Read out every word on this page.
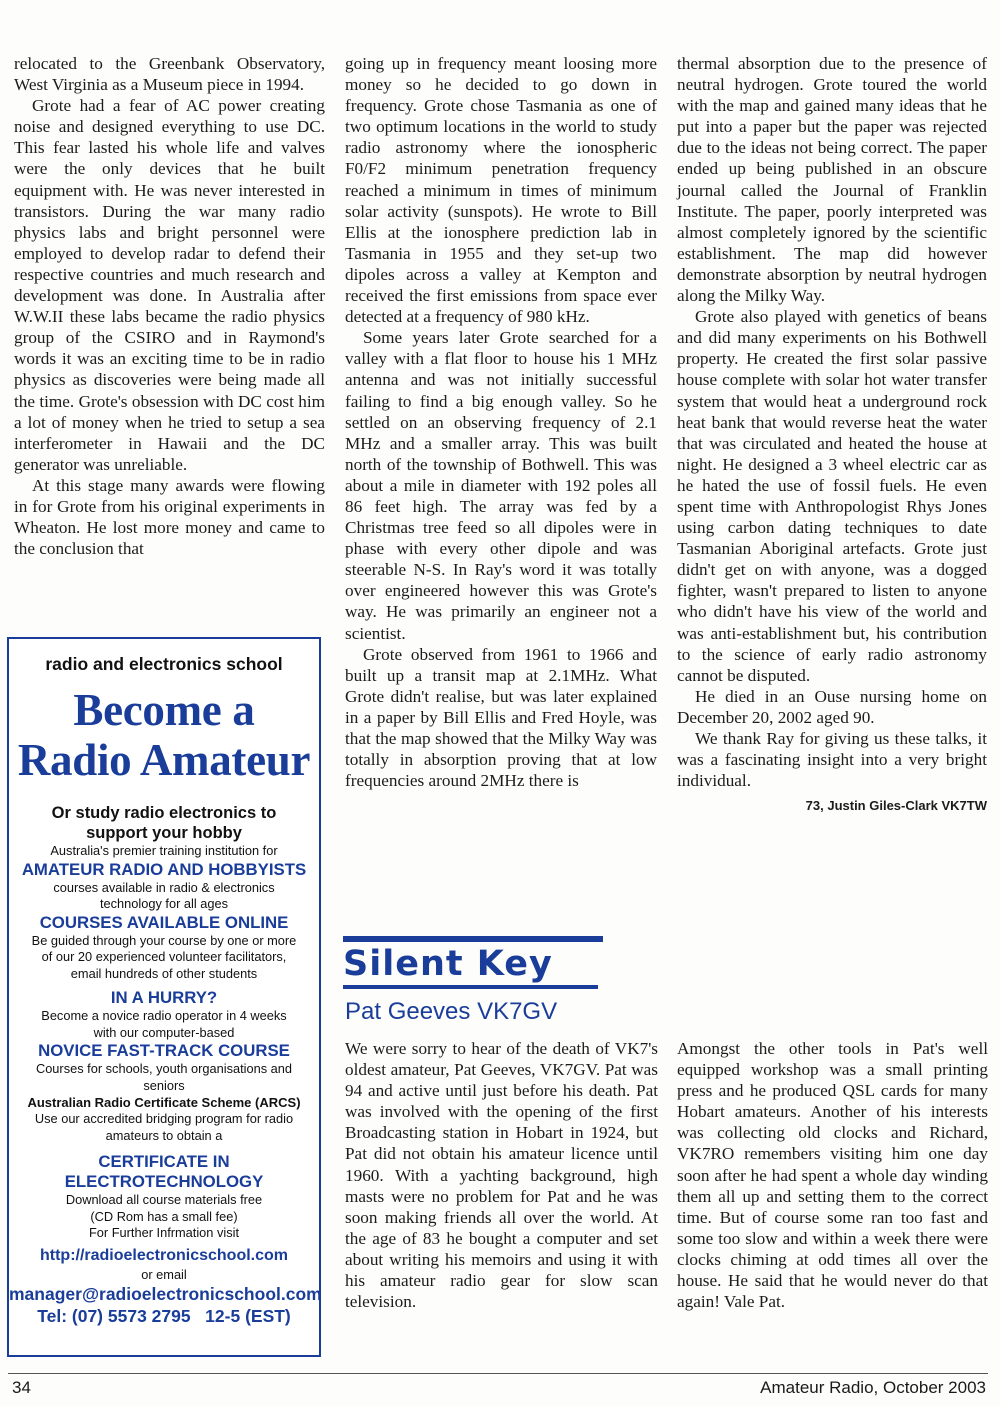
relocated to the Greenbank Observatory, West Virginia as a Museum piece in 1994.

Grote had a fear of AC power creating noise and designed everything to use DC. This fear lasted his whole life and valves were the only devices that he built equipment with. He was never interested in transistors. During the war many radio physics labs and bright personnel were employed to develop radar to defend their respective countries and much research and development was done. In Australia after W.W.II these labs became the radio physics group of the CSIRO and in Raymond's words it was an exciting time to be in radio physics as discoveries were being made all the time. Grote's obsession with DC cost him a lot of money when he tried to setup a sea interferometer in Hawaii and the DC generator was unreliable.

At this stage many awards were flowing in for Grote from his original experiments in Wheaton. He lost more money and came to the conclusion that

going up in frequency meant loosing more money so he decided to go down in frequency. Grote chose Tasmania as one of two optimum locations in the world to study radio astronomy where the ionospheric F0/F2 minimum penetration frequency reached a minimum in times of minimum solar activity (sunspots). He wrote to Bill Ellis at the ionosphere prediction lab in Tasmania in 1955 and they set-up two dipoles across a valley at Kempton and received the first emissions from space ever detected at a frequency of 980 kHz.

Some years later Grote searched for a valley with a flat floor to house his 1 MHz antenna and was not initially successful failing to find a big enough valley. So he settled on an observing frequency of 2.1 MHz and a smaller array. This was built north of the township of Bothwell. This was about a mile in diameter with 192 poles all 86 feet high. The array was fed by a Christmas tree feed so all dipoles were in phase with every other dipole and was steerable N-S. In Ray's word it was totally over engineered however this was Grote's way. He was primarily an engineer not a scientist.

Grote observed from 1961 to 1966 and built up a transit map at 2.1MHz. What Grote didn't realise, but was later explained in a paper by Bill Ellis and Fred Hoyle, was that the map showed that the Milky Way was totally in absorption proving that at low frequencies around 2MHz there is

thermal absorption due to the presence of neutral hydrogen. Grote toured the world with the map and gained many ideas that he put into a paper but the paper was rejected due to the ideas not being correct. The paper ended up being published in an obscure journal called the Journal of Franklin Institute. The paper, poorly interpreted was almost completely ignored by the scientific establishment. The map did however demonstrate absorption by neutral hydrogen along the Milky Way.

Grote also played with genetics of beans and did many experiments on his Bothwell property. He created the first solar passive house complete with solar hot water transfer system that would heat a underground rock heat bank that would reverse heat the water that was circulated and heated the house at night. He designed a 3 wheel electric car as he hated the use of fossil fuels. He even spent time with Anthropologist Rhys Jones using carbon dating techniques to date Tasmanian Aboriginal artefacts. Grote just didn't get on with anyone, was a dogged fighter, wasn't prepared to listen to anyone who didn't have his view of the world and was anti-establishment but, his contribution to the science of early radio astronomy cannot be disputed.

He died in an Ouse nursing home on December 20, 2002 aged 90.

We thank Ray for giving us these talks, it was a fascinating insight into a very bright individual.

73, Justin Giles-Clark VK7TW

radio and electronics school
Become a
Radio Amateur
Or study radio electronics to support your hobby
Australia's premier training institution for
AMATEUR RADIO AND HOBBYISTS
courses available in radio & electronics technology for all ages
COURSES AVAILABLE ONLINE
Be guided through your course by one or more of our 20 experienced volunteer facilitators, email hundreds of other students
IN A HURRY?
Become a novice radio operator in 4 weeks with our computer-based
NOVICE FAST-TRACK COURSE
Courses for schools, youth organisations and seniors
Australian Radio Certificate Scheme (ARCS)
Use our accredited bridging program for radio amateurs to obtain a
CERTIFICATE IN
ELECTROTECHNOLOGY
Download all course materials free
(CD Rom has a small fee)
For Further Infrmation visit
http://radioelectronicschool.com
or email
manager@radioelectronicschool.com
Tel: (07) 5573 2795   12-5 (EST)
Silent Key
Pat Geeves VK7GV

We were sorry to hear of the death of VK7's oldest amateur, Pat Geeves, VK7GV. Pat was 94 and active until just before his death. Pat was involved with the opening of the first Broadcasting station in Hobart in 1924, but Pat did not obtain his amateur licence until 1960. With a yachting background, high masts were no problem for Pat and he was soon making friends all over the world. At the age of 83 he bought a computer and set about writing his memoirs and using it with his amateur radio gear for slow scan television.

Amongst the other tools in Pat's well equipped workshop was a small printing press and he produced QSL cards for many Hobart amateurs. Another of his interests was collecting old clocks and Richard, VK7RO remembers visiting him one day soon after he had spent a whole day winding them all up and setting them to the correct time. But of course some ran too fast and some too slow and within a week there were clocks chiming at odd times all over the house. He said that he would never do that again! Vale Pat.

34	Amateur Radio, October 2003
